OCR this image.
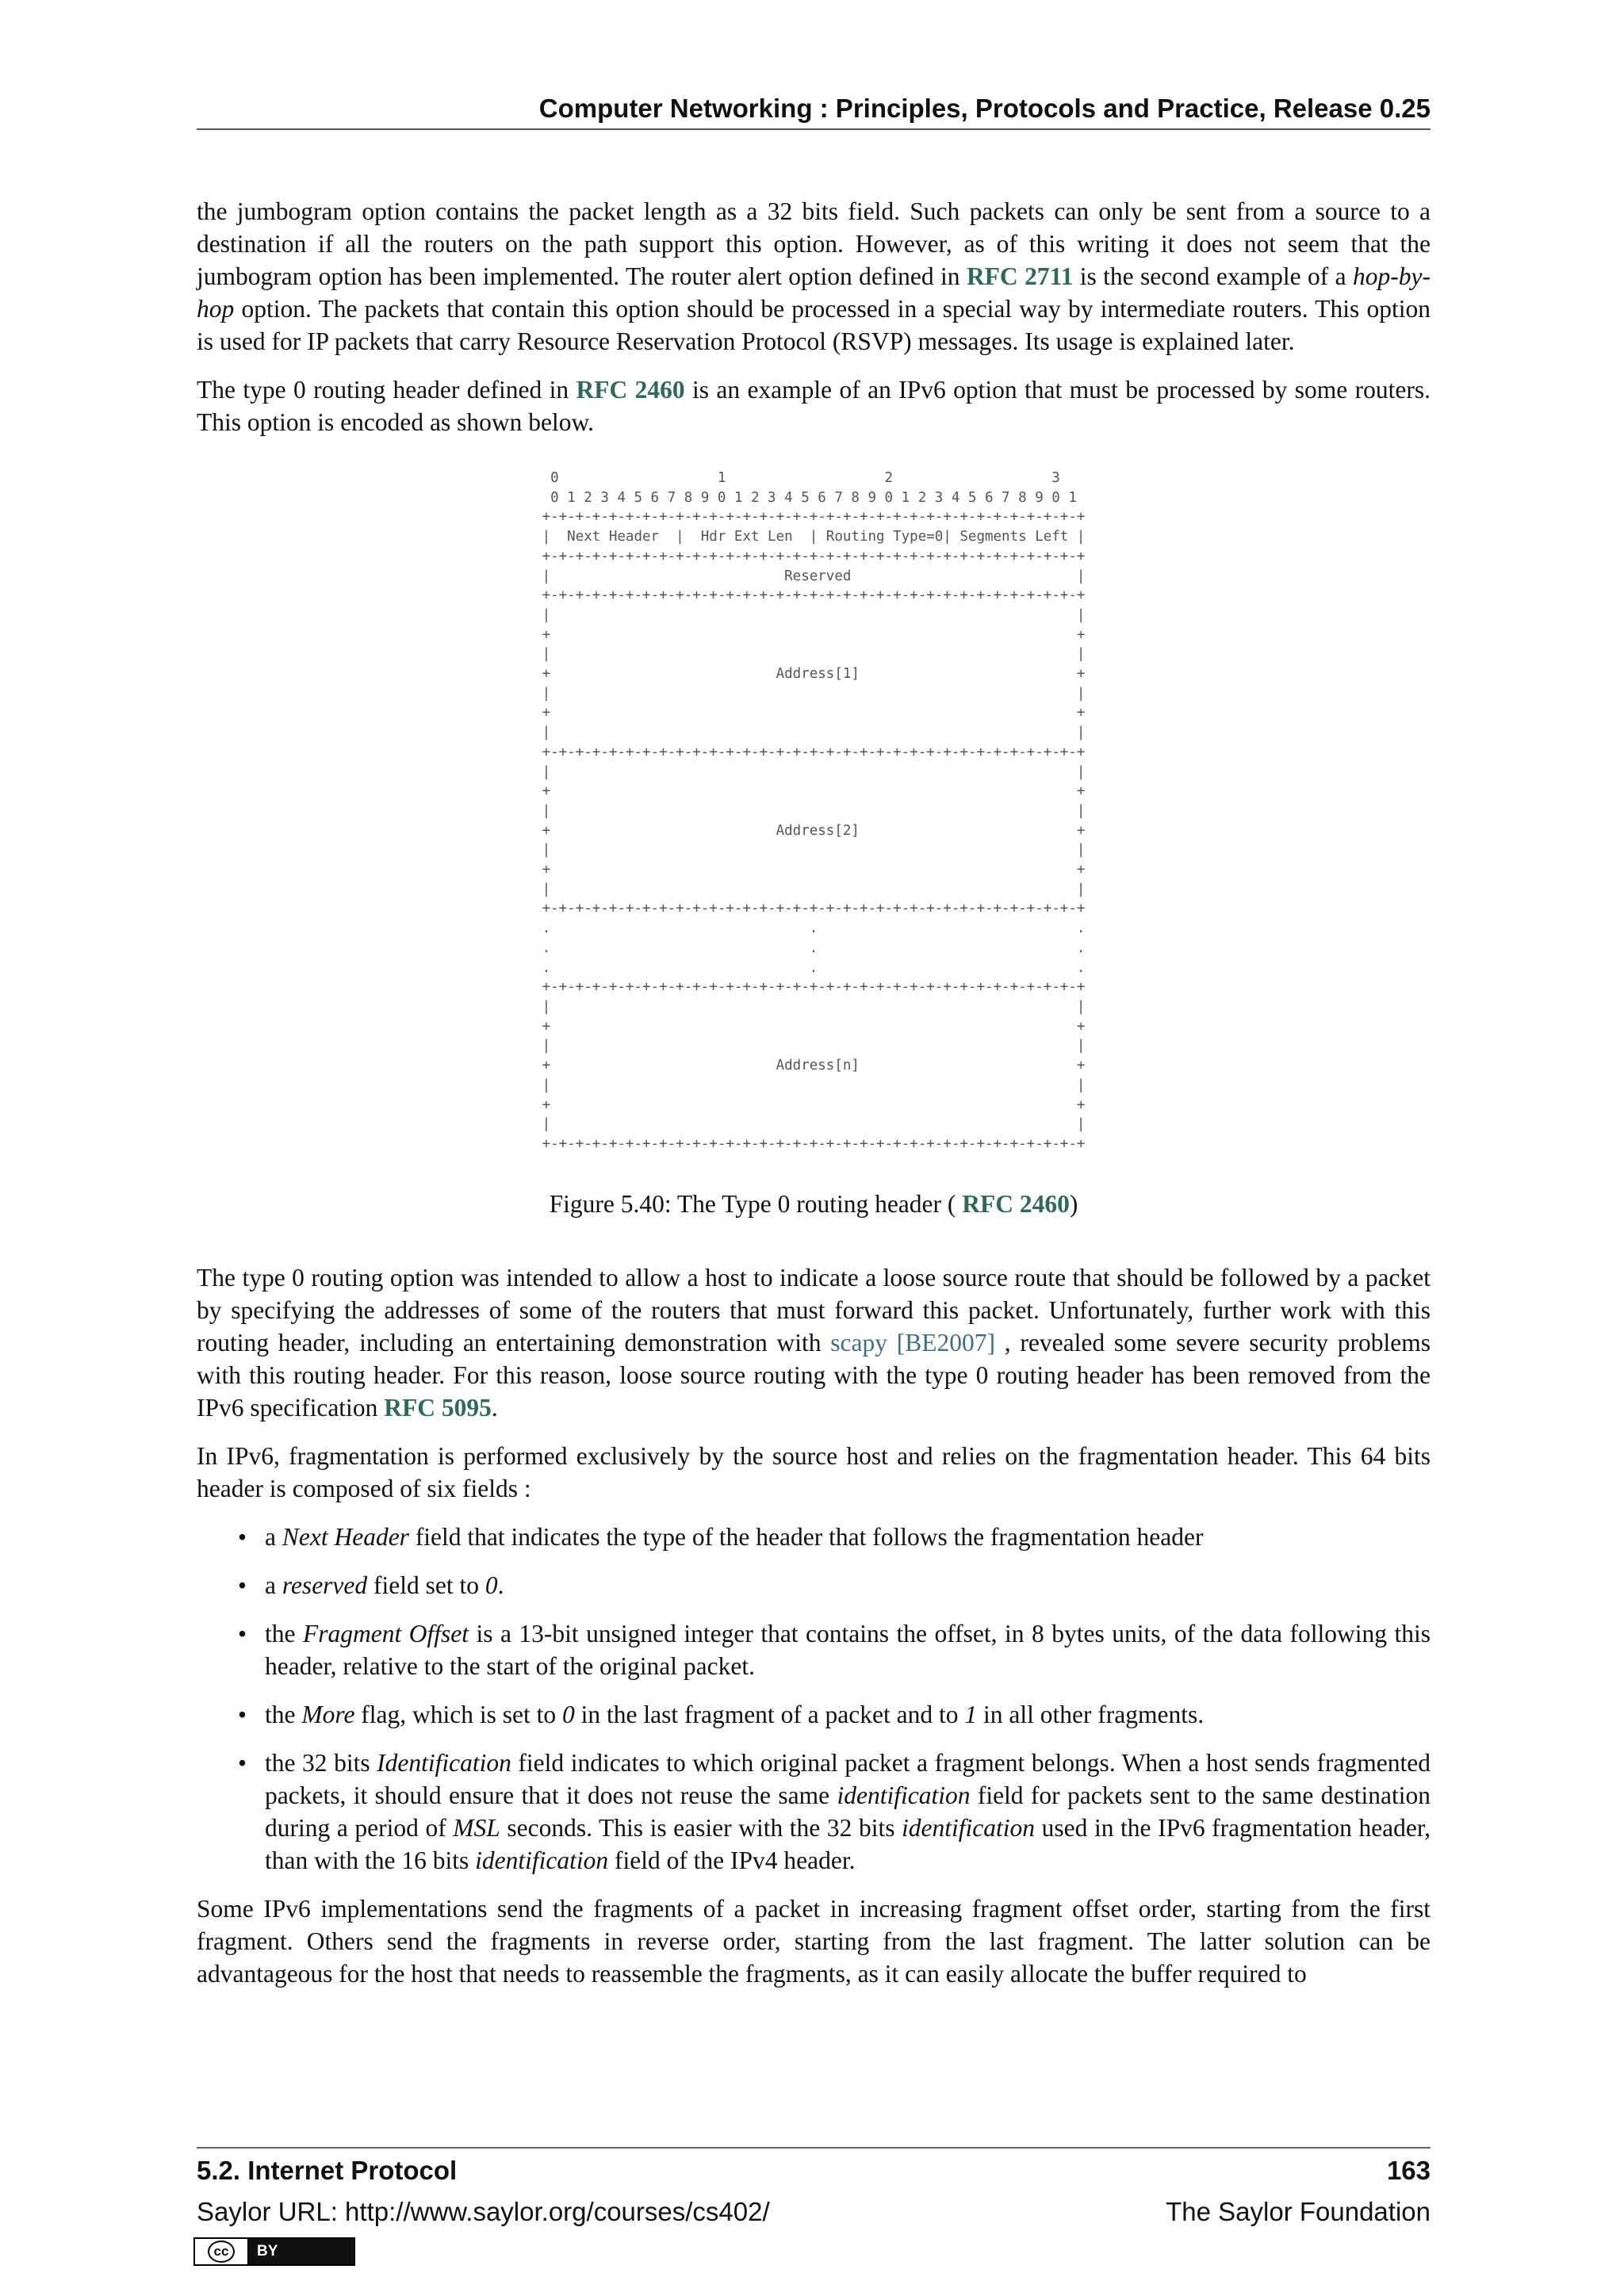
Computer Networking : Principles, Protocols and Practice, Release 0.25

the jumbogram option contains the packet length as a 32 bits field. Such packets can only be sent from a source to a destination if all the routers on the path support this option. However, as of this writing it does not seem that the jumbogram option has been implemented. The router alert option defined in RFC 2711 is the second example of a hop-by-hop option. The packets that contain this option should be processed in a special way by intermediate routers. This option is used for IP packets that carry Resource Reservation Protocol (RSVP) messages. Its usage is explained later.

The type 0 routing header defined in RFC 2460 is an example of an IPv6 option that must be processed by some routers. This option is encoded as shown below.

0                   1                   2                   3
0 1 2 3 4 5 6 7 8 9 0 1 2 3 4 5 6 7 8 9 0 1 2 3 4 5 6 7 8 9 0 1
+-+-+-+-+-+-+-+-+-+-+-+-+-+-+-+-+-+-+-+-+-+-+-+-+-+-+-+-+-+-+-+-+
|  Next Header  |  Hdr Ext Len  | Routing Type=0| Segments Left |
+-+-+-+-+-+-+-+-+-+-+-+-+-+-+-+-+-+-+-+-+-+-+-+-+-+-+-+-+-+-+-+-+
|                            Reserved                           |
+-+-+-+-+-+-+-+-+-+-+-+-+-+-+-+-+-+-+-+-+-+-+-+-+-+-+-+-+-+-+-+-+
|                                                               |
+                                                               +
|                                                               |
+                           Address[1]                          +
|                                                               |
+                                                               +
|                                                               |
+-+-+-+-+-+-+-+-+-+-+-+-+-+-+-+-+-+-+-+-+-+-+-+-+-+-+-+-+-+-+-+-+
|                                                               |
+                                                               +
|                                                               |
+                           Address[2]                          +
|                                                               |
+                                                               +
|                                                               |
+-+-+-+-+-+-+-+-+-+-+-+-+-+-+-+-+-+-+-+-+-+-+-+-+-+-+-+-+-+-+-+-+
.                               .                               .
.                               .                               .
.                               .                               .
+-+-+-+-+-+-+-+-+-+-+-+-+-+-+-+-+-+-+-+-+-+-+-+-+-+-+-+-+-+-+-+-+
|                                                               |
+                                                               +
|                                                               |
+                           Address[n]                          +
|                                                               |
+                                                               +
|                                                               |
+-+-+-+-+-+-+-+-+-+-+-+-+-+-+-+-+-+-+-+-+-+-+-+-+-+-+-+-+-+-+-+-+
Figure 5.40: The Type 0 routing header ( RFC 2460)

The type 0 routing option was intended to allow a host to indicate a loose source route that should be followed by a packet by specifying the addresses of some of the routers that must forward this packet. Unfortunately, further work with this routing header, including an entertaining demonstration with scapy [BE2007] , revealed some severe security problems with this routing header. For this reason, loose source routing with the type 0 routing header has been removed from the IPv6 specification RFC 5095.

In IPv6, fragmentation is performed exclusively by the source host and relies on the fragmentation header. This 64 bits header is composed of six fields :

• a Next Header field that indicates the type of the header that follows the fragmentation header
• a reserved field set to 0.
• the Fragment Offset is a 13-bit unsigned integer that contains the offset, in 8 bytes units, of the data following this header, relative to the start of the original packet.
• the More flag, which is set to 0 in the last fragment of a packet and to 1 in all other fragments.
• the 32 bits Identification field indicates to which original packet a fragment belongs. When a host sends fragmented packets, it should ensure that it does not reuse the same identification field for packets sent to the same destination during a period of MSL seconds. This is easier with the 32 bits identification used in the IPv6 fragmentation header, than with the 16 bits identification field of the IPv4 header.

Some IPv6 implementations send the fragments of a packet in increasing fragment offset order, starting from the first fragment. Others send the fragments in reverse order, starting from the last fragment. The latter solution can be advantageous for the host that needs to reassemble the fragments, as it can easily allocate the buffer required to

5.2. Internet Protocol	163
Saylor URL: http://www.saylor.org/courses/cs402/	The Saylor Foundation
cc	BY
